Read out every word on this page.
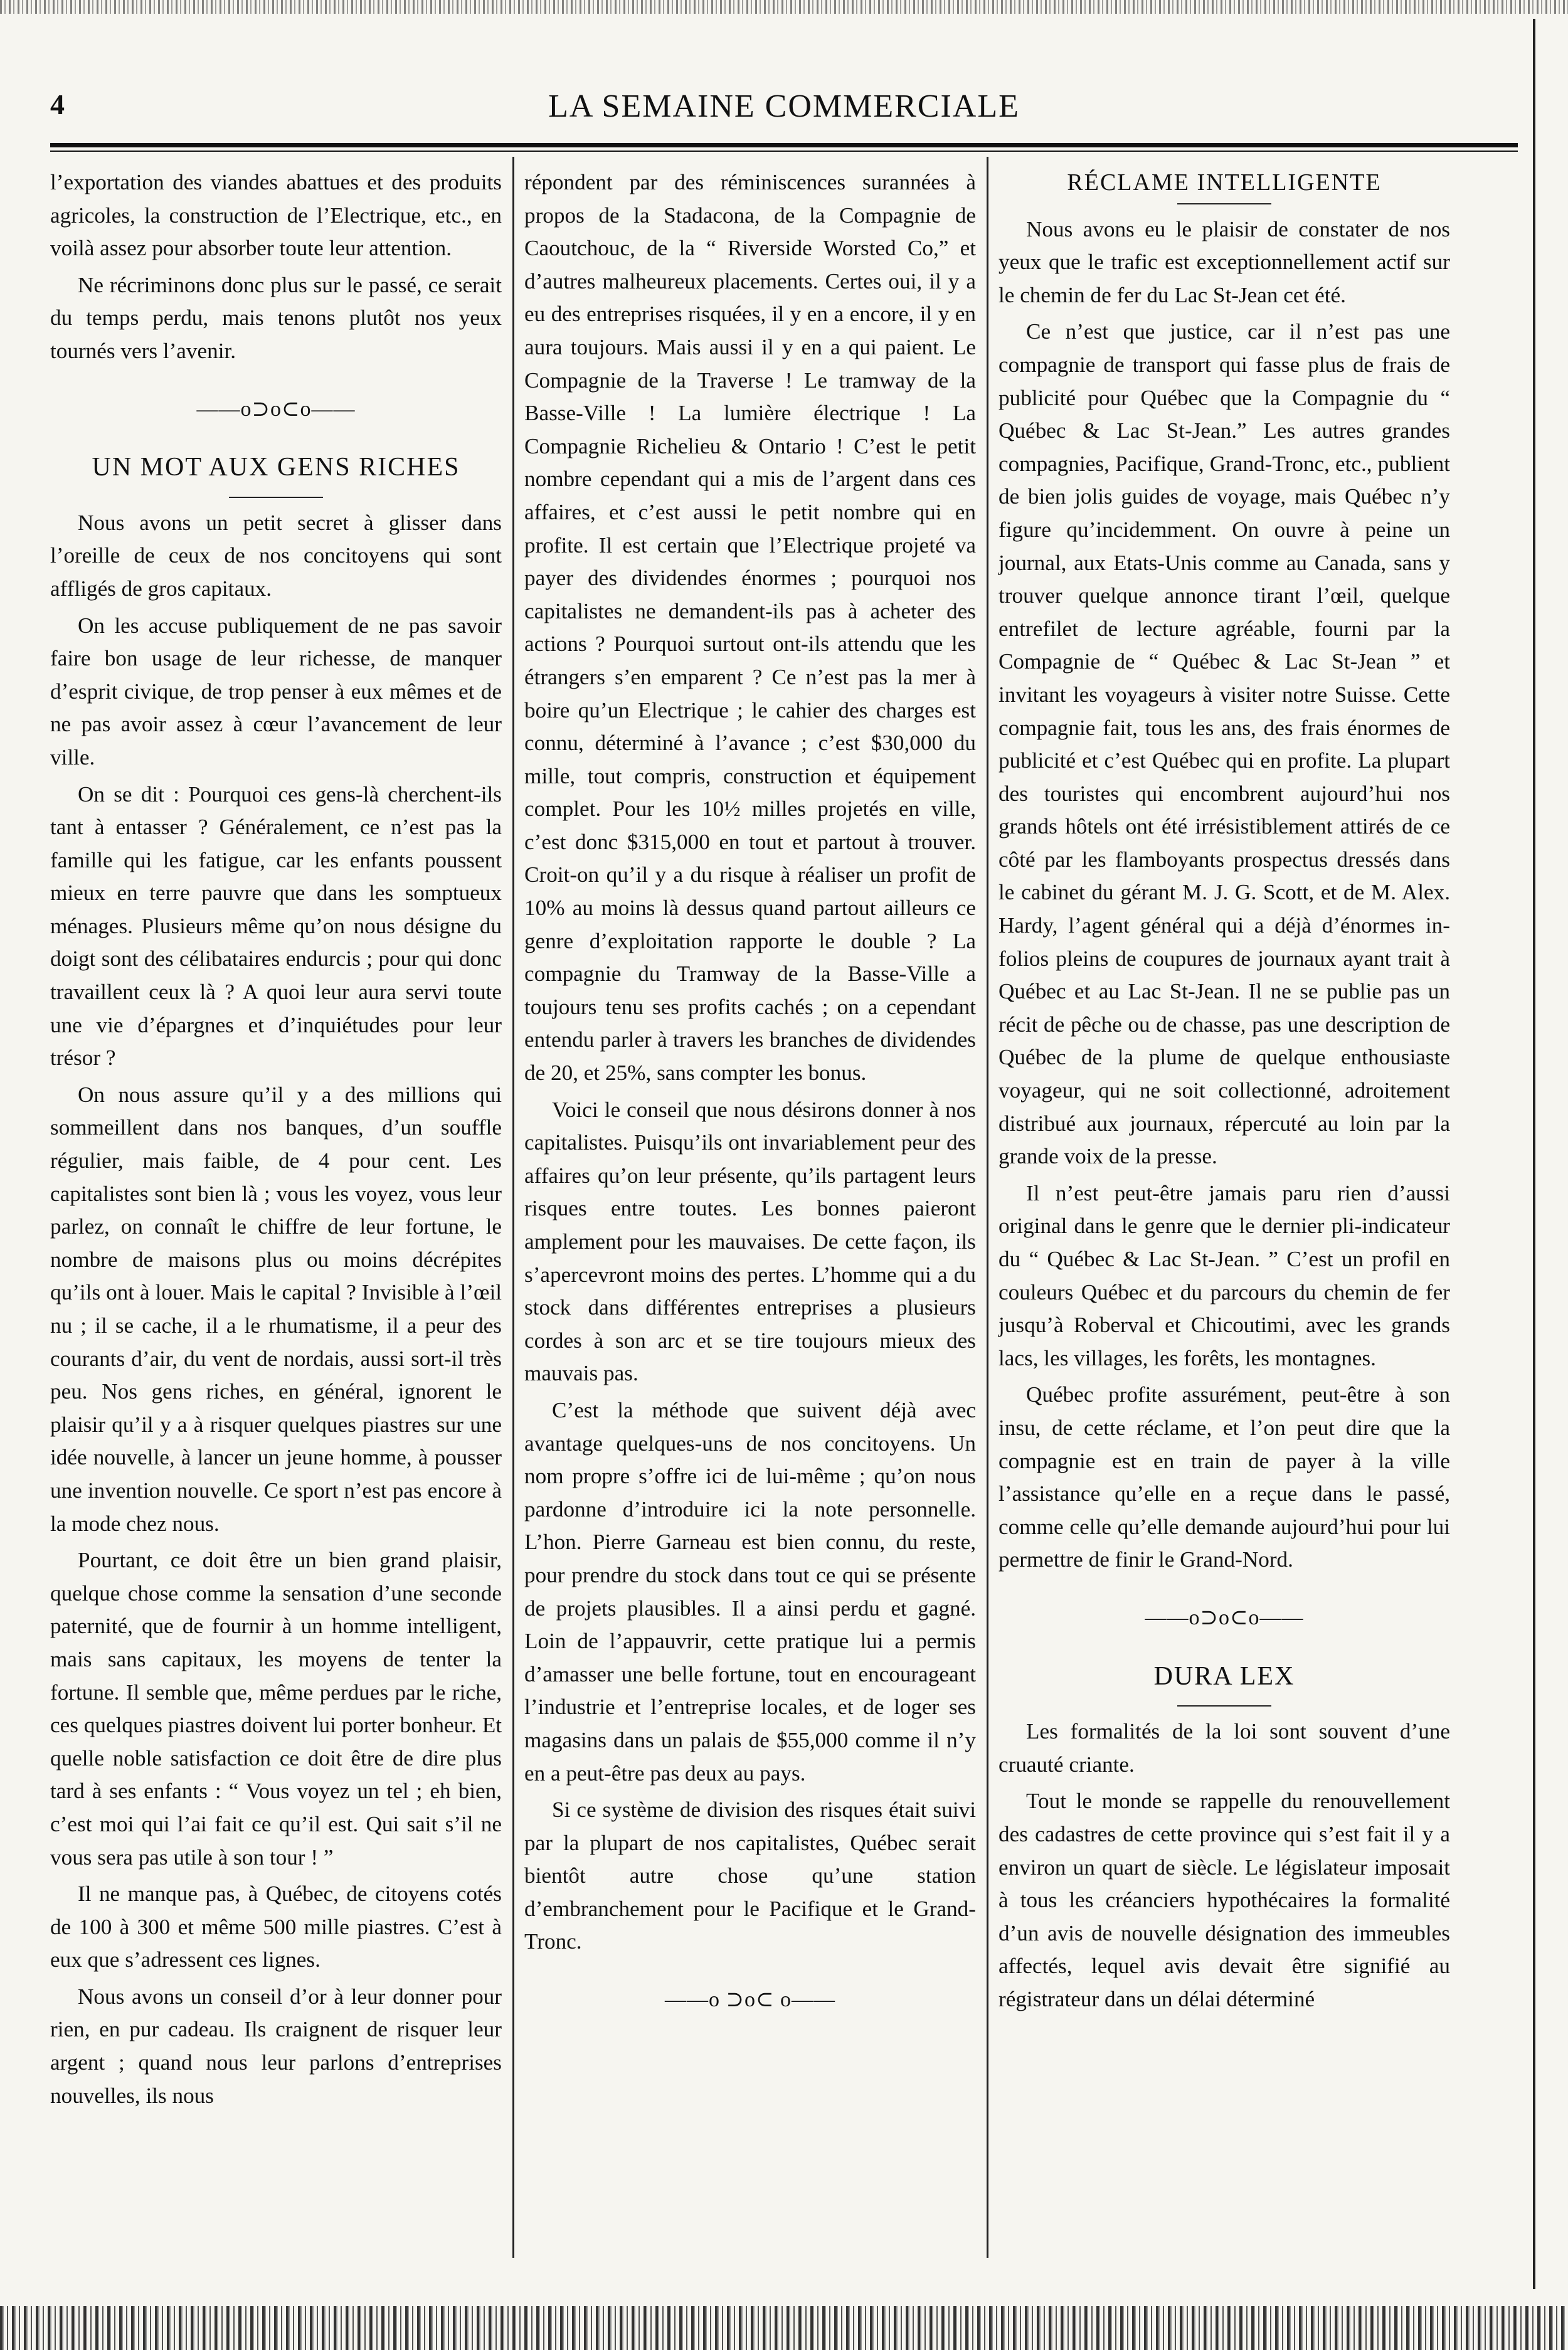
4	LA SEMAINE COMMERCIALE

l’exportation des viandes abattues et des produits agricoles, la construction de l’Electrique, etc., en voilà assez pour absorber toute leur attention.

Ne récriminons donc plus sur le passé, ce serait du temps perdu, mais tenons plutôt nos yeux tournés vers l’avenir.

——o⊃o⊂o——
UN MOT AUX GENS RICHES

Nous avons un petit secret à glisser dans l’oreille de ceux de nos concitoyens qui sont affligés de gros capitaux.

On les accuse publiquement de ne pas savoir faire bon usage de leur richesse, de manquer d’esprit civique, de trop penser à eux mêmes et de ne pas avoir assez à cœur l’avancement de leur ville.

On se dit : Pourquoi ces gens-là cherchent-ils tant à entasser ? Généralement, ce n’est pas la famille qui les fatigue, car les enfants poussent mieux en terre pauvre que dans les somptueux ménages. Plusieurs même qu’on nous désigne du doigt sont des célibataires endurcis ; pour qui donc travaillent ceux là ? A quoi leur aura servi toute une vie d’épargnes et d’inquiétudes pour leur trésor ?

On nous assure qu’il y a des millions qui sommeillent dans nos banques, d’un souffle régulier, mais faible, de 4 pour cent. Les capitalistes sont bien là ; vous les voyez, vous leur parlez, on connaît le chiffre de leur fortune, le nombre de maisons plus ou moins décrépites qu’ils ont à louer. Mais le capital ? Invisible à l’œil nu ; il se cache, il a le rhumatisme, il a peur des courants d’air, du vent de nordais, aussi sort-il très peu. Nos gens riches, en général, ignorent le plaisir qu’il y a à risquer quelques piastres sur une idée nouvelle, à lancer un jeune homme, à pousser une invention nouvelle. Ce sport n’est pas encore à la mode chez nous.

Pourtant, ce doit être un bien grand plaisir, quelque chose comme la sensation d’une seconde paternité, que de fournir à un homme intelligent, mais sans capitaux, les moyens de tenter la fortune. Il semble que, même perdues par le riche, ces quelques piastres doivent lui porter bonheur. Et quelle noble satisfaction ce doit être de dire plus tard à ses enfants : “ Vous voyez un tel ; eh bien, c’est moi qui l’ai fait ce qu’il est. Qui sait s’il ne vous sera pas utile à son tour ! ”

Il ne manque pas, à Québec, de citoyens cotés de 100 à 300 et même 500 mille piastres. C’est à eux que s’adressent ces lignes.

Nous avons un conseil d’or à leur donner pour rien, en pur cadeau. Ils craignent de risquer leur argent ; quand nous leur parlons d’entreprises nouvelles, ils nous

répondent par des réminiscences surannées à propos de la Stadacona, de la Compagnie de Caoutchouc, de la “ Riverside Worsted Co,” et d’autres malheureux placements. Certes oui, il y a eu des entreprises risquées, il y en a encore, il y en aura toujours. Mais aussi il y en a qui paient. Le Compagnie de la Traverse ! Le tramway de la Basse-Ville ! La lumière électrique ! La Compagnie Richelieu & Ontario ! C’est le petit nombre cependant qui a mis de l’argent dans ces affaires, et c’est aussi le petit nombre qui en profite. Il est certain que l’Electrique projeté va payer des dividendes énormes ; pourquoi nos capitalistes ne demandent-ils pas à acheter des actions ? Pourquoi surtout ont-ils attendu que les étrangers s’en emparent ? Ce n’est pas la mer à boire qu’un Electrique ; le cahier des charges est connu, déterminé à l’avance ; c’est $30,000 du mille, tout compris, construction et équipement complet. Pour les 10½ milles projetés en ville, c’est donc $315,000 en tout et partout à trouver. Croit-on qu’il y a du risque à réaliser un profit de 10% au moins là dessus quand partout ailleurs ce genre d’exploitation rapporte le double ? La compagnie du Tramway de la Basse-Ville a toujours tenu ses profits cachés ; on a cependant entendu parler à travers les branches de dividendes de 20, et 25%, sans compter les bonus.

Voici le conseil que nous désirons donner à nos capitalistes. Puisqu’ils ont invariablement peur des affaires qu’on leur présente, qu’ils partagent leurs risques entre toutes. Les bonnes paieront amplement pour les mauvaises. De cette façon, ils s’apercevront moins des pertes. L’homme qui a du stock dans différentes entreprises a plusieurs cordes à son arc et se tire toujours mieux des mauvais pas.

C’est la méthode que suivent déjà avec avantage quelques-uns de nos concitoyens. Un nom propre s’offre ici de lui-même ; qu’on nous pardonne d’introduire ici la note personnelle. L’hon. Pierre Garneau est bien connu, du reste, pour prendre du stock dans tout ce qui se présente de projets plausibles. Il a ainsi perdu et gagné. Loin de l’appauvrir, cette pratique lui a permis d’amasser une belle fortune, tout en encourageant l’industrie et l’entreprise locales, et de loger ses magasins dans un palais de $55,000 comme il n’y en a peut-être pas deux au pays.

Si ce système de division des risques était suivi par la plupart de nos capitalistes, Québec serait bientôt autre chose qu’une station d’embranchement pour le Pacifique et le Grand-Tronc.

——o ⊃o⊂ o——
RÉCLAME INTELLIGENTE

Nous avons eu le plaisir de constater de nos yeux que le trafic est exceptionnellement actif sur le chemin de fer du Lac St-Jean cet été.

Ce n’est que justice, car il n’est pas une compagnie de transport qui fasse plus de frais de publicité pour Québec que la Compagnie du “ Québec & Lac St-Jean.” Les autres grandes compagnies, Pacifique, Grand-Tronc, etc., publient de bien jolis guides de voyage, mais Québec n’y figure qu’incidemment. On ouvre à peine un journal, aux Etats-Unis comme au Canada, sans y trouver quelque annonce tirant l’œil, quelque entrefilet de lecture agréable, fourni par la Compagnie de “ Québec & Lac St-Jean ” et invitant les voyageurs à visiter notre Suisse. Cette compagnie fait, tous les ans, des frais énormes de publicité et c’est Québec qui en profite. La plupart des touristes qui encombrent aujourd’hui nos grands hôtels ont été irrésistiblement attirés de ce côté par les flamboyants prospectus dressés dans le cabinet du gérant M. J. G. Scott, et de M. Alex. Hardy, l’agent général qui a déjà d’énormes in-folios pleins de coupures de journaux ayant trait à Québec et au Lac St-Jean. Il ne se publie pas un récit de pêche ou de chasse, pas une description de Québec de la plume de quelque enthousiaste voyageur, qui ne soit collectionné, adroitement distribué aux journaux, répercuté au loin par la grande voix de la presse.

Il n’est peut-être jamais paru rien d’aussi original dans le genre que le dernier pli-indicateur du “ Québec & Lac St-Jean. ” C’est un profil en couleurs Québec et du parcours du chemin de fer jusqu’à Roberval et Chicoutimi, avec les grands lacs, les villages, les forêts, les montagnes.

Québec profite assurément, peut-être à son insu, de cette réclame, et l’on peut dire que la compagnie est en train de payer à la ville l’assistance qu’elle en a reçue dans le passé, comme celle qu’elle demande aujourd’hui pour lui permettre de finir le Grand-Nord.

——o⊃o⊂o——
DURA LEX

Les formalités de la loi sont souvent d’une cruauté criante.

Tout le monde se rappelle du renouvellement des cadastres de cette province qui s’est fait il y a environ un quart de siècle. Le législateur imposait à tous les créanciers hypothécaires la formalité d’un avis de nouvelle désignation des immeubles affectés, lequel avis devait être signifié au régistrateur dans un délai déterminé
